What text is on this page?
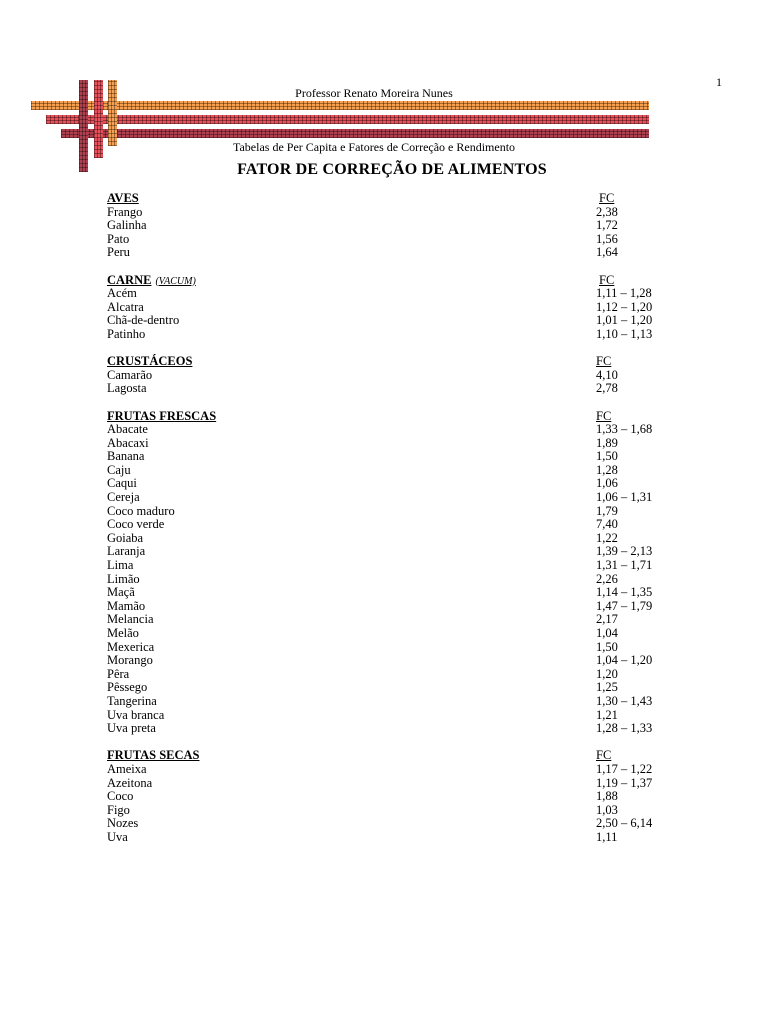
1
Professor Renato Moreira Nunes
Tabelas de Per Capita e Fatores de Correção e Rendimento
FATOR DE CORREÇÃO DE ALIMENTOS
AVES	FC
Frango	2,38
Galinha	1,72
Pato	1,56
Peru	1,64
CARNE (VACUM)	FC
Acém	1,11 – 1,28
Alcatra	1,12 – 1,20
Chã-de-dentro	1,01 – 1,20
Patinho	1,10 – 1,13
CRUSTÁCEOS	FC
Camarão	4,10
Lagosta	2,78
FRUTAS FRESCAS	FC
Abacate	1,33 – 1,68
Abacaxi	1,89
Banana	1,50
Caju	1,28
Caqui	1,06
Cereja	1,06 – 1,31
Coco maduro	1,79
Coco verde	7,40
Goiaba	1,22
Laranja	1,39 – 2,13
Lima	1,31 – 1,71
Limão	2,26
Maçã	1,14 – 1,35
Mamão	1,47 – 1,79
Melancia	2,17
Melão	1,04
Mexerica	1,50
Morango	1,04 – 1,20
Pêra	1,20
Pêssego	1,25
Tangerina	1,30 – 1,43
Uva branca	1,21
Uva preta	1,28 – 1,33
FRUTAS SECAS	FC
Ameixa	1,17 – 1,22
Azeitona	1,19 – 1,37
Coco	1,88
Figo	1,03
Nozes	2,50 – 6,14
Uva	1,11
